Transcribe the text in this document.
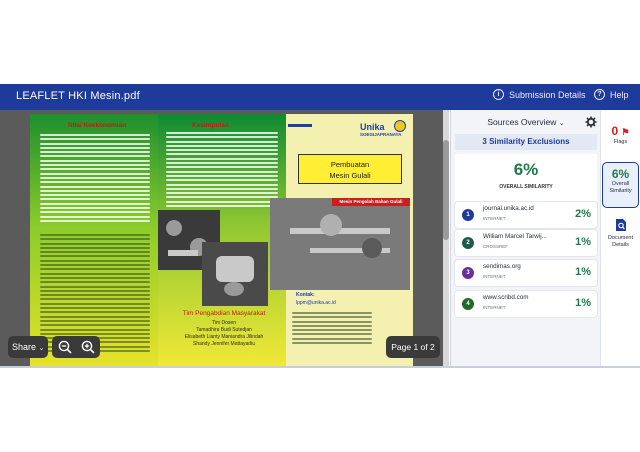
LEAFLET HKI Mesin.pdf	i	Submission Details	? Help
Nilai Keekonomian	Kesimpulan	Unika
SOEGIJAPRANATA
Pembuatan
Mesin Gulali
Mesin Pengolah Bahan Gulali
Tim Pengabdian Masyarakat
Tim Dosen
Tamadhira Budi Sutedjan
Elisabeth Lianty Maniandra Jilindah
Shandy Jennifer Mattayadiu
Kontak:
lppm@unika.ac.id
Share ⌄	Page 1 of 2
Sources Overview ⌄
3 Similarity Exclusions
6%
OVERALL SIMILARITY
1
journal.unika.ac.id
INTERNET	2%
2
William Marcel Tarwij...
CROSSREF	1%
3
sendimas.org
INTERNET	1%
4
www.scribd.com
INTERNET	1%
0 ⚑
Flags
6%
Overall
Similarity
Document
Details
